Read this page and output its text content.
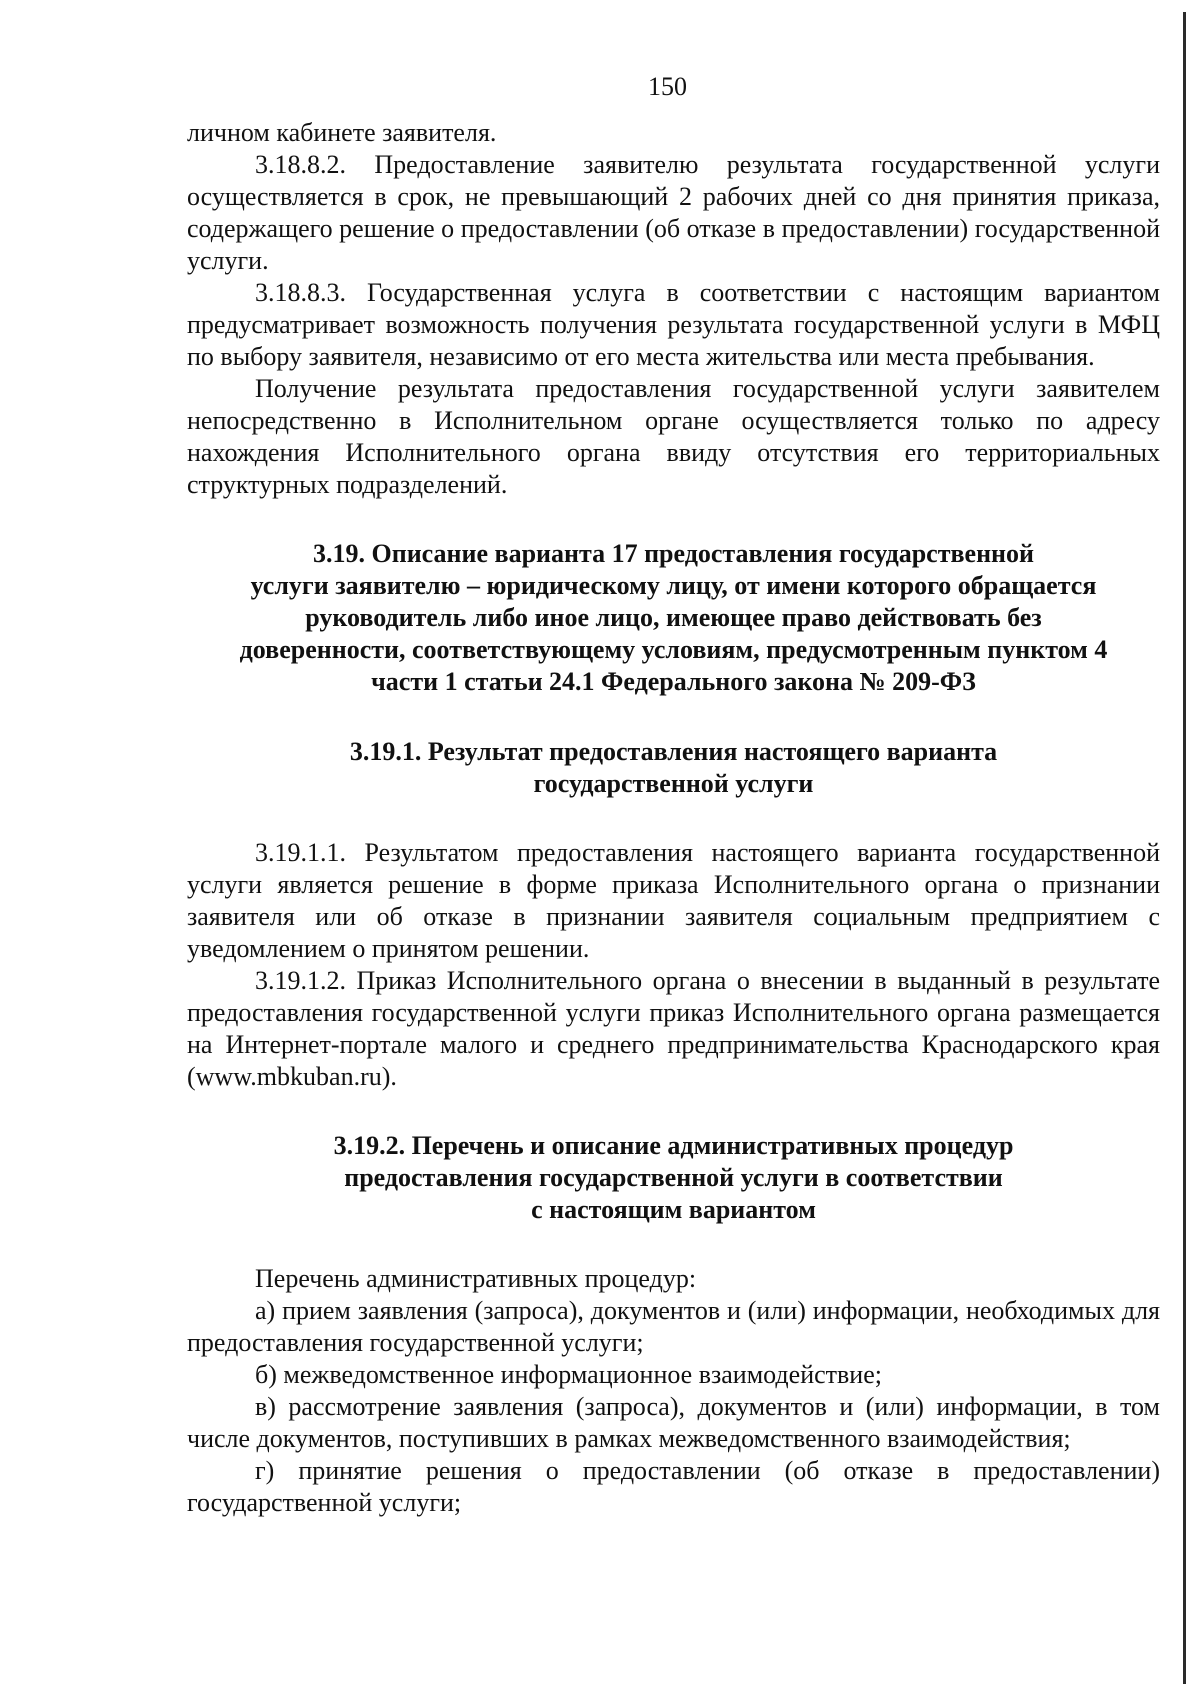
150

личном кабинете заявителя.

3.18.8.2. Предоставление заявителю результата государственной услуги осуществляется в срок, не превышающий 2 рабочих дней со дня принятия приказа, содержащего решение о предоставлении (об отказе в предоставлении) государственной услуги.

3.18.8.3. Государственная услуга в соответствии с настоящим вариантом предусматривает возможность получения результата государственной услуги в МФЦ по выбору заявителя, независимо от его места жительства или места пребывания.

Получение результата предоставления государственной услуги заявителем непосредственно в Исполнительном органе осуществляется только по адресу нахождения Исполнительного органа ввиду отсутствия его территориальных структурных подразделений.

3.19. Описание варианта 17 предоставления государственной
услуги заявителю – юридическому лицу, от имени которого обращается
руководитель либо иное лицо, имеющее право действовать без
доверенности, соответствующему условиям, предусмотренным пунктом 4
части 1 статьи 24.1 Федерального закона № 209-ФЗ
3.19.1. Результат предоставления настоящего варианта
государственной услуги

3.19.1.1. Результатом предоставления настоящего варианта государственной услуги является решение в форме приказа Исполнительного органа о признании заявителя или об отказе в признании заявителя социальным предприятием с уведомлением о принятом решении.

3.19.1.2. Приказ Исполнительного органа о внесении в выданный в результате предоставления государственной услуги приказ Исполнительного органа размещается на Интернет-портале малого и среднего предпринимательства Краснодарского края (www.mbkuban.ru).

3.19.2. Перечень и описание административных процедур
предоставления государственной услуги в соответствии
с настоящим вариантом

Перечень административных процедур:

а) прием заявления (запроса), документов и (или) информации, необходимых для предоставления государственной услуги;

б) межведомственное информационное взаимодействие;

в) рассмотрение заявления (запроса), документов и (или) информации, в том числе документов, поступивших в рамках межведомственного взаимодействия;

г) принятие решения о предоставлении (об отказе в предоставлении) государственной услуги;
